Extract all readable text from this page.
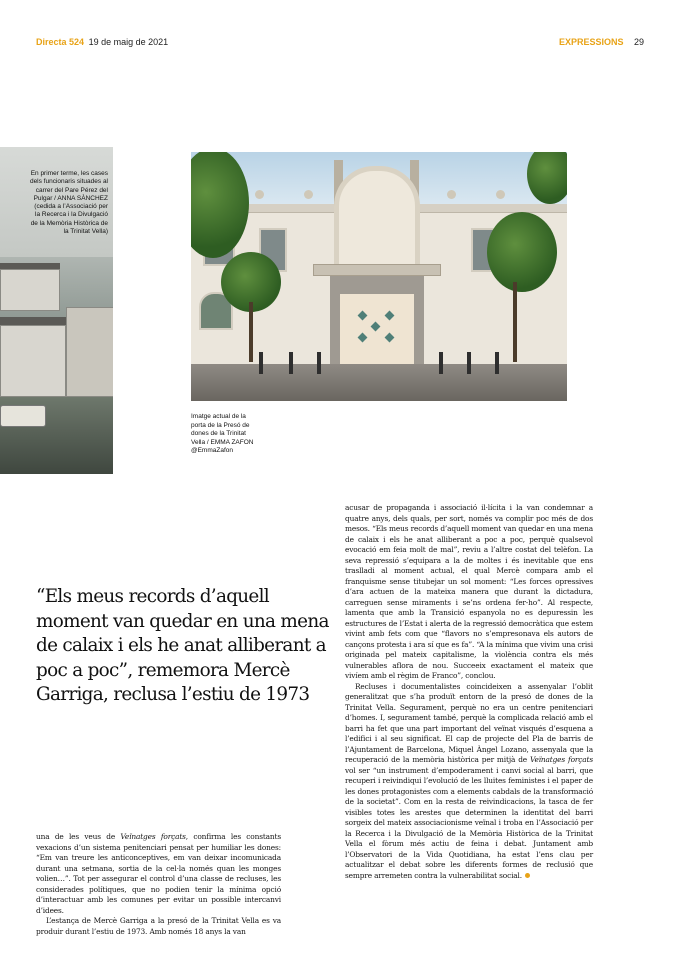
Directa 524 19 de maig de 2021	EXPRESSIONS 29
En primer terme, les cases dels funcionaris situades al carrer del Pare Pérez del Pulgar / ANNA SÀNCHEZ (cedida a l’Associació per la Recerca i la Divulgació de la Memòria Històrica de la Trinitat Vella)
Imatge actual de la porta de la Presó de dones de la Trinitat Vella / EMMA ZAFON @EmmaZafon
“Els meus records d’aquell moment van quedar en una mena de calaix i els he anat alliberant a poc a poc”, rememora Mercè Garriga, reclusa l’estiu de 1973

una de les veus de Veïnatges forçats, confirma les constants vexacions d’un sistema penitenciari pensat per humiliar les dones: “Em van treure les anticonceptives, em van deixar incomunicada durant una setmana, sortia de la cel·la només quan les monges volien…”. Tot per assegurar el control d’una classe de recluses, les considerades polítiques, que no podien tenir la mínima opció d’interactuar amb les comunes per evitar un possible intercanvi d’idees.

L’estança de Mercè Garriga a la presó de la Trinitat Vella es va produir durant l’estiu de 1973. Amb només 18 anys la van

acusar de propaganda i associació il·lícita i la van condemnar a quatre anys, dels quals, per sort, només va complir poc més de dos mesos. “Els meus records d’aquell moment van quedar en una mena de calaix i els he anat alliberant a poc a poc, perquè qualsevol evocació em feia molt de mal”, reviu a l’altre costat del telèfon. La seva repressió s’equipara a la de moltes i és inevitable que ens traslladi al moment actual, el qual Mercè compara amb el franquisme sense titubejar un sol moment: “Les forces opressives d’ara actuen de la mateixa manera que durant la dictadura, carreguen sense miraments i se’ns ordena fer-ho”. Al respecte, lamenta que amb la Transició espanyola no es depuressin les estructures de l’Estat i alerta de la regressió democràtica que estem vivint amb fets com que “flavors no s’empresonava els autors de cançons protesta i ara sí que es fa”. “A la mínima que vivim una crisi originada pel mateix capitalisme, la violència contra els més vulnerables aflora de nou. Succeeix exactament el mateix que vivíem amb el règim de Franco”, conclou.

Recluses i documentalistes coincideixen a assenyalar l’oblit generalitzat que s’ha produït entorn de la presó de dones de la Trinitat Vella. Segurament, perquè no era un centre penitenciari d’homes. I, segurament també, perquè la complicada relació amb el barri ha fet que una part important del veïnat visqués d’esquena a l’edifici i al seu significat. El cap de projecte del Pla de barris de l’Ajuntament de Barcelona, Miquel Àngel Lozano, assenyala que la recuperació de la memòria històrica per mitjà de Veïnatges forçats vol ser “un instrument d’empoderament i canvi social al barri, que recuperi i reivindiqui l’evolució de les lluites feministes i el paper de les dones protagonistes com a elements cabdals de la transformació de la societat”. Com en la resta de reivindicacions, la tasca de fer visibles totes les arestes que determinen la identitat del barri sorgeix del mateix associacionisme veïnal i troba en l’Associació per la Recerca i la Divulgació de la Memòria Històrica de la Trinitat Vella el fòrum més actiu de feina i debat. Juntament amb l’Observatori de la Vida Quotidiana, ha estat l’ens clau per actualitzar el debat sobre les diferents formes de reclusió que sempre arremeten contra la vulnerabilitat social.
